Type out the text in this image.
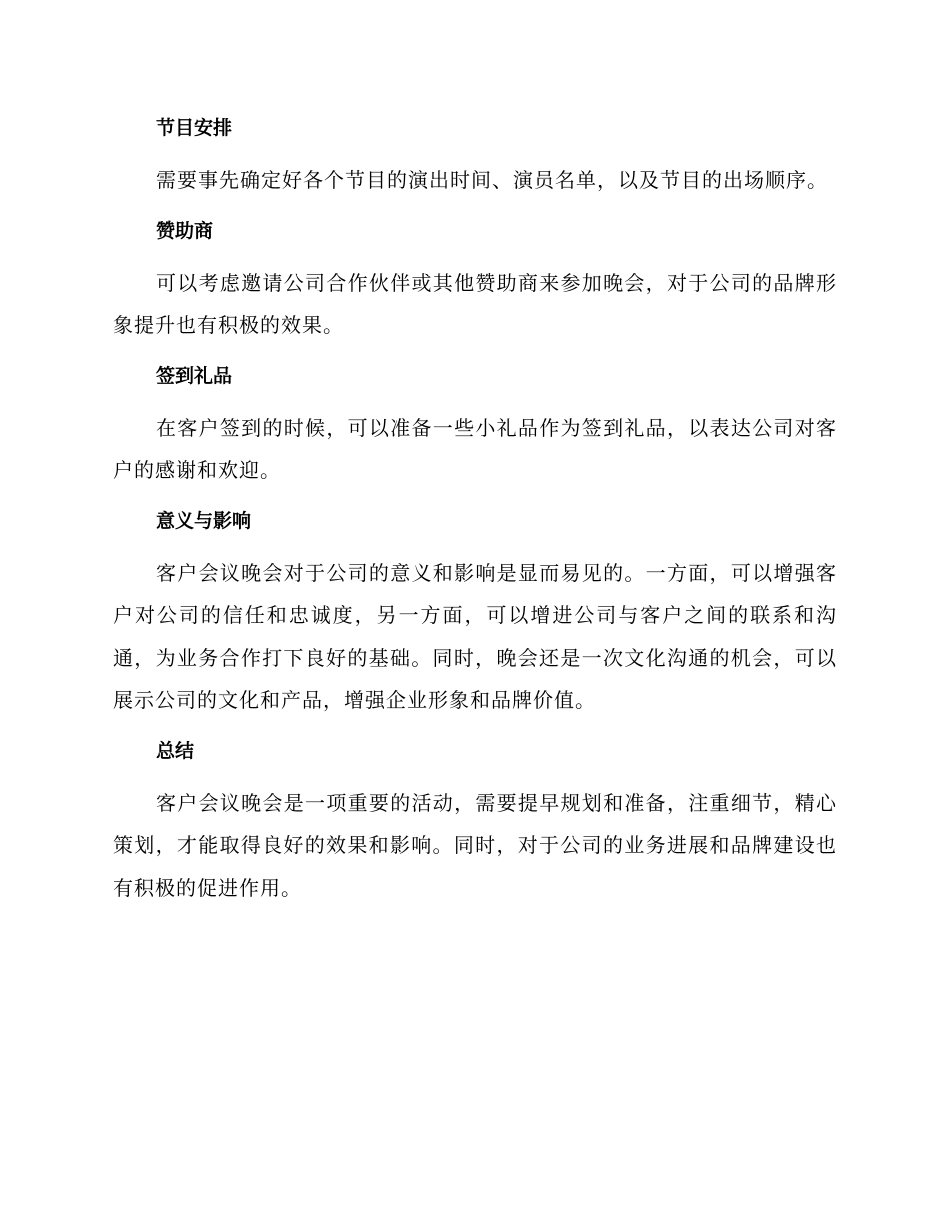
节目安排

需要事先确定好各个节目的演出时间、演员名单，以及节目的出场顺序。

赞助商

可以考虑邀请公司合作伙伴或其他赞助商来参加晚会，对于公司的品牌形象提升也有积极的效果。

签到礼品

在客户签到的时候，可以准备一些小礼品作为签到礼品，以表达公司对客户的感谢和欢迎。

意义与影响

客户会议晚会对于公司的意义和影响是显而易见的。一方面，可以增强客户对公司的信任和忠诚度，另一方面，可以增进公司与客户之间的联系和沟通，为业务合作打下良好的基础。同时，晚会还是一次文化沟通的机会，可以展示公司的文化和产品，增强企业形象和品牌价值。

总结

客户会议晚会是一项重要的活动，需要提早规划和准备，注重细节，精心策划，才能取得良好的效果和影响。同时，对于公司的业务进展和品牌建设也有积极的促进作用。
